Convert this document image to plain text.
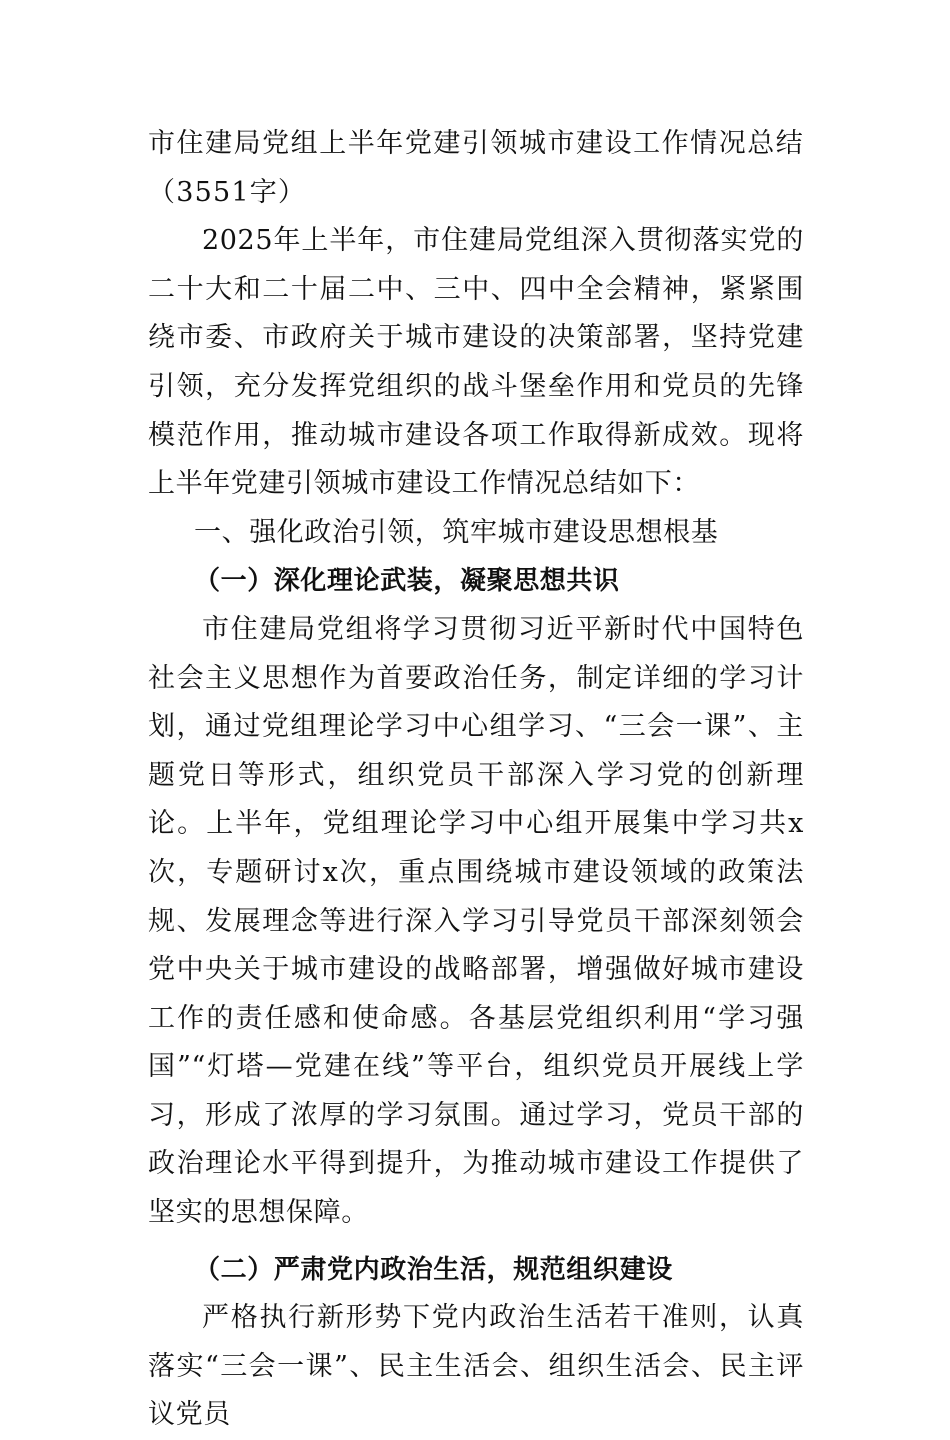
市住建局党组上半年党建引领城市建设工作情况总结（3551字）

2025年上半年，市住建局党组深入贯彻落实党的二十大和二十届二中、三中、四中全会精神，紧紧围绕市委、市政府关于城市建设的决策部署，坚持党建引领，充分发挥党组织的战斗堡垒作用和党员的先锋模范作用，推动城市建设各项工作取得新成效。现将上半年党建引领城市建设工作情况总结如下：

一、强化政治引领，筑牢城市建设思想根基

（一）深化理论武装，凝聚思想共识

市住建局党组将学习贯彻习近平新时代中国特色社会主义思想作为首要政治任务，制定详细的学习计划，通过党组理论学习中心组学习、“三会一课”、主题党日等形式，组织党员干部深入学习党的创新理论。上半年，党组理论学习中心组开展集中学习共x次，专题研讨x次，重点围绕城市建设领域的政策法规、发展理念等进行深入学习引导党员干部深刻领会党中央关于城市建设的战略部署，增强做好城市建设工作的责任感和使命感。各基层党组织利用“学习强国”“灯塔—党建在线”等平台，组织党员开展线上学习，形成了浓厚的学习氛围。通过学习，党员干部的政治理论水平得到提升，为推动城市建设工作提供了坚实的思想保障。

（二）严肃党内政治生活，规范组织建设

严格执行新形势下党内政治生活若干准则，认真落实“三会一课”、民主生活会、组织生活会、民主评议党员
